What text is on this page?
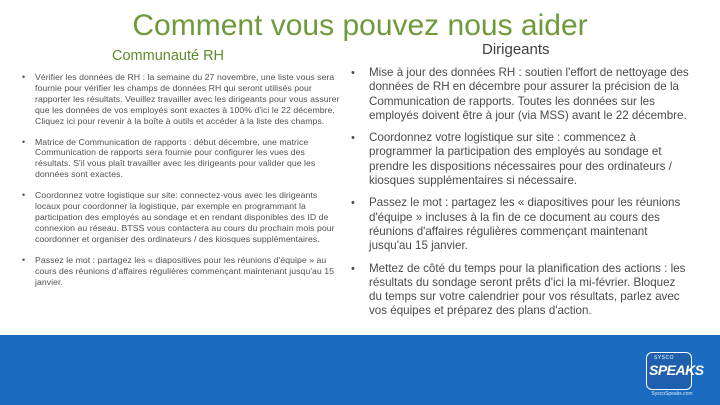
Comment vous pouvez nous aider
Communauté RH	Dirigeants
• Vérifier les données de RH : la semaine du 27 novembre, une liste vous sera fournie pour vérifier les champs de données RH qui seront utilisés pour rapporter les résultats. Veuillez travailler avec les dirigeants pour vous assurer que les données de vos employés sont exactes à 100% d'ici le 22 décembre. Cliquez ici pour revenir à la boîte à outils et accéder à la liste des champs.
• Matrice de Communication de rapports : début décembre, une matrice Communication de rapports sera fournie pour configurer les vues des résultats. S'il vous plaît travailler avec les dirigeants pour valider que les données sont exactes.
• Coordonnez votre logistique sur site: connectez-vous avec les dirigeants locaux pour coordonner la logistique, par exemple en programmant la participation des employés au sondage et en rendant disponibles des ID de connexion au réseau. BTSS vous contactera au cours du prochain mois pour coordonner et organiser des ordinateurs / des kiosques supplémentaires.
• Passez le mot : partagez les « diapositives pour les réunions d'équipe » au cours des réunions d'affaires régulières commençant maintenant jusqu'au 15 janvier.
• Mise à jour des données RH : soutien l'effort de nettoyage des données de RH en décembre pour assurer la précision de la Communication de rapports. Toutes les données sur les employés doivent être à jour (via MSS) avant le 22 décembre.
• Coordonnez votre logistique sur site : commencez à programmer la participation des employés au sondage et prendre les dispositions nécessaires pour des ordinateurs / kiosques supplémentaires si nécessaire.
• Passez le mot : partagez les « diapositives pour les réunions d'équipe » incluses à la fin de ce document au cours des réunions d'affaires régulières commençant maintenant jusqu'au 15 janvier.
• Mettez de côté du temps pour la planification des actions : les résultats du sondage seront prêts d'ici la mi-février. Bloquez du temps sur votre calendrier pour vos résultats, parlez avec vos équipes et préparez des plans d'action.
SYSCO
SPEAKS
SyscoSpeaks.com
